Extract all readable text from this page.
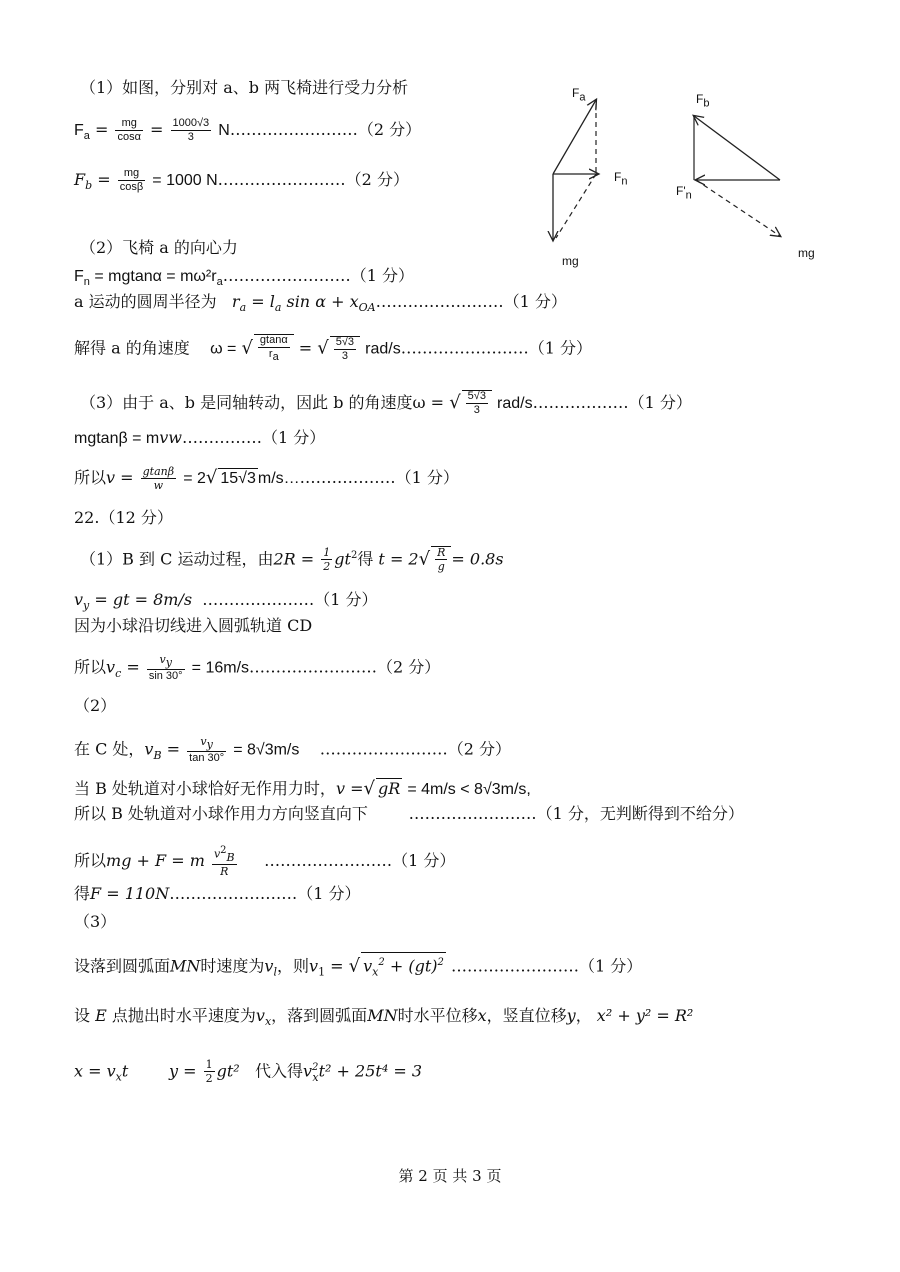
（1）如图，分别对 a、b 两飞椅进行受力分析
$F_a = \frac{mg}{\cos\alpha} = \frac{1000√3}{3}$ N……………………（2 分）
$F_b = \frac{mg}{\cos\beta} = 1000$ N……………………（2 分）
$F_a$
$F_n$
mg
$F_b$
$F'_n$
mg
（2）飞椅 a 的向心力
$F_n = mgtan\alpha$ = $m\omega^2r_a\dots\dots\dots\dots\dots\dots\dots\dots(1$ 分）
a 运动的圆周半径为 $r_a = l_a$ $\sin \alpha + x_{OA}\dots\dots\dots\dots\dots\dots\dots\dots(1$ 分）
解得 a 的角速度 ω = √ $\frac{gtan\alpha}{r_a}$ = √ $\frac{5√3}{3}$ rad/s……………………（1 分）
（3）由于 a、b 是同轴转动，因此 b 的角速度ω = √ $\frac{5√3}{3}$ rad/s………………（1 分）
mgtanβ = mvw……………（1 分）
所以$v = \frac{gtan\beta}{w} = 2√$ 15√3 m/s…………………（1 分）
22.（12 分）
（1）B 到 C 运动过程，由$2R = \frac{1}{2} gt^2$得 $t = 2√ \frac{R}{g} = 0.8s$
$v_y$ = gt = 8m/s …………………（1 分）
因为小球沿切线进入圆弧轨道 CD
所以$v_c = \frac{v_y}{\sin 30^\circ}$ = 16m/s……………………（2 分）
（2）
在 C 处，$v_B = \frac{v_y}{\tan 30^\circ} = 8√3m/s$ ……………………（2 分）
当 B 处轨道对小球恰好无作用力时，v =√ gR = 4m/s < 8√3m/s,
所以 B 处轨道对小球作用力方向竖直向下	……………………（1 分，无判断得到不给分）
所以mg + F = m $\frac{v^2_B}{R}$ ……………………（1 分）
得F = 110N……………………（1 分）
（3）
设落到圆弧面MN时速度为$v_l$，则$v_1$ = √ $v_x^2 + (gt)^2$ ……………………（1 分）
设 E 点抛出时水平速度为$v_x$，落到圆弧面MN时水平位移x，竖直位移y， x² + y² = R²
$x = v_xt$	$y = \frac{1}{2} gt^2$ 代入得$v^2_xt^2 + 25t^4 = 3$
第 2 页 共 3 页
